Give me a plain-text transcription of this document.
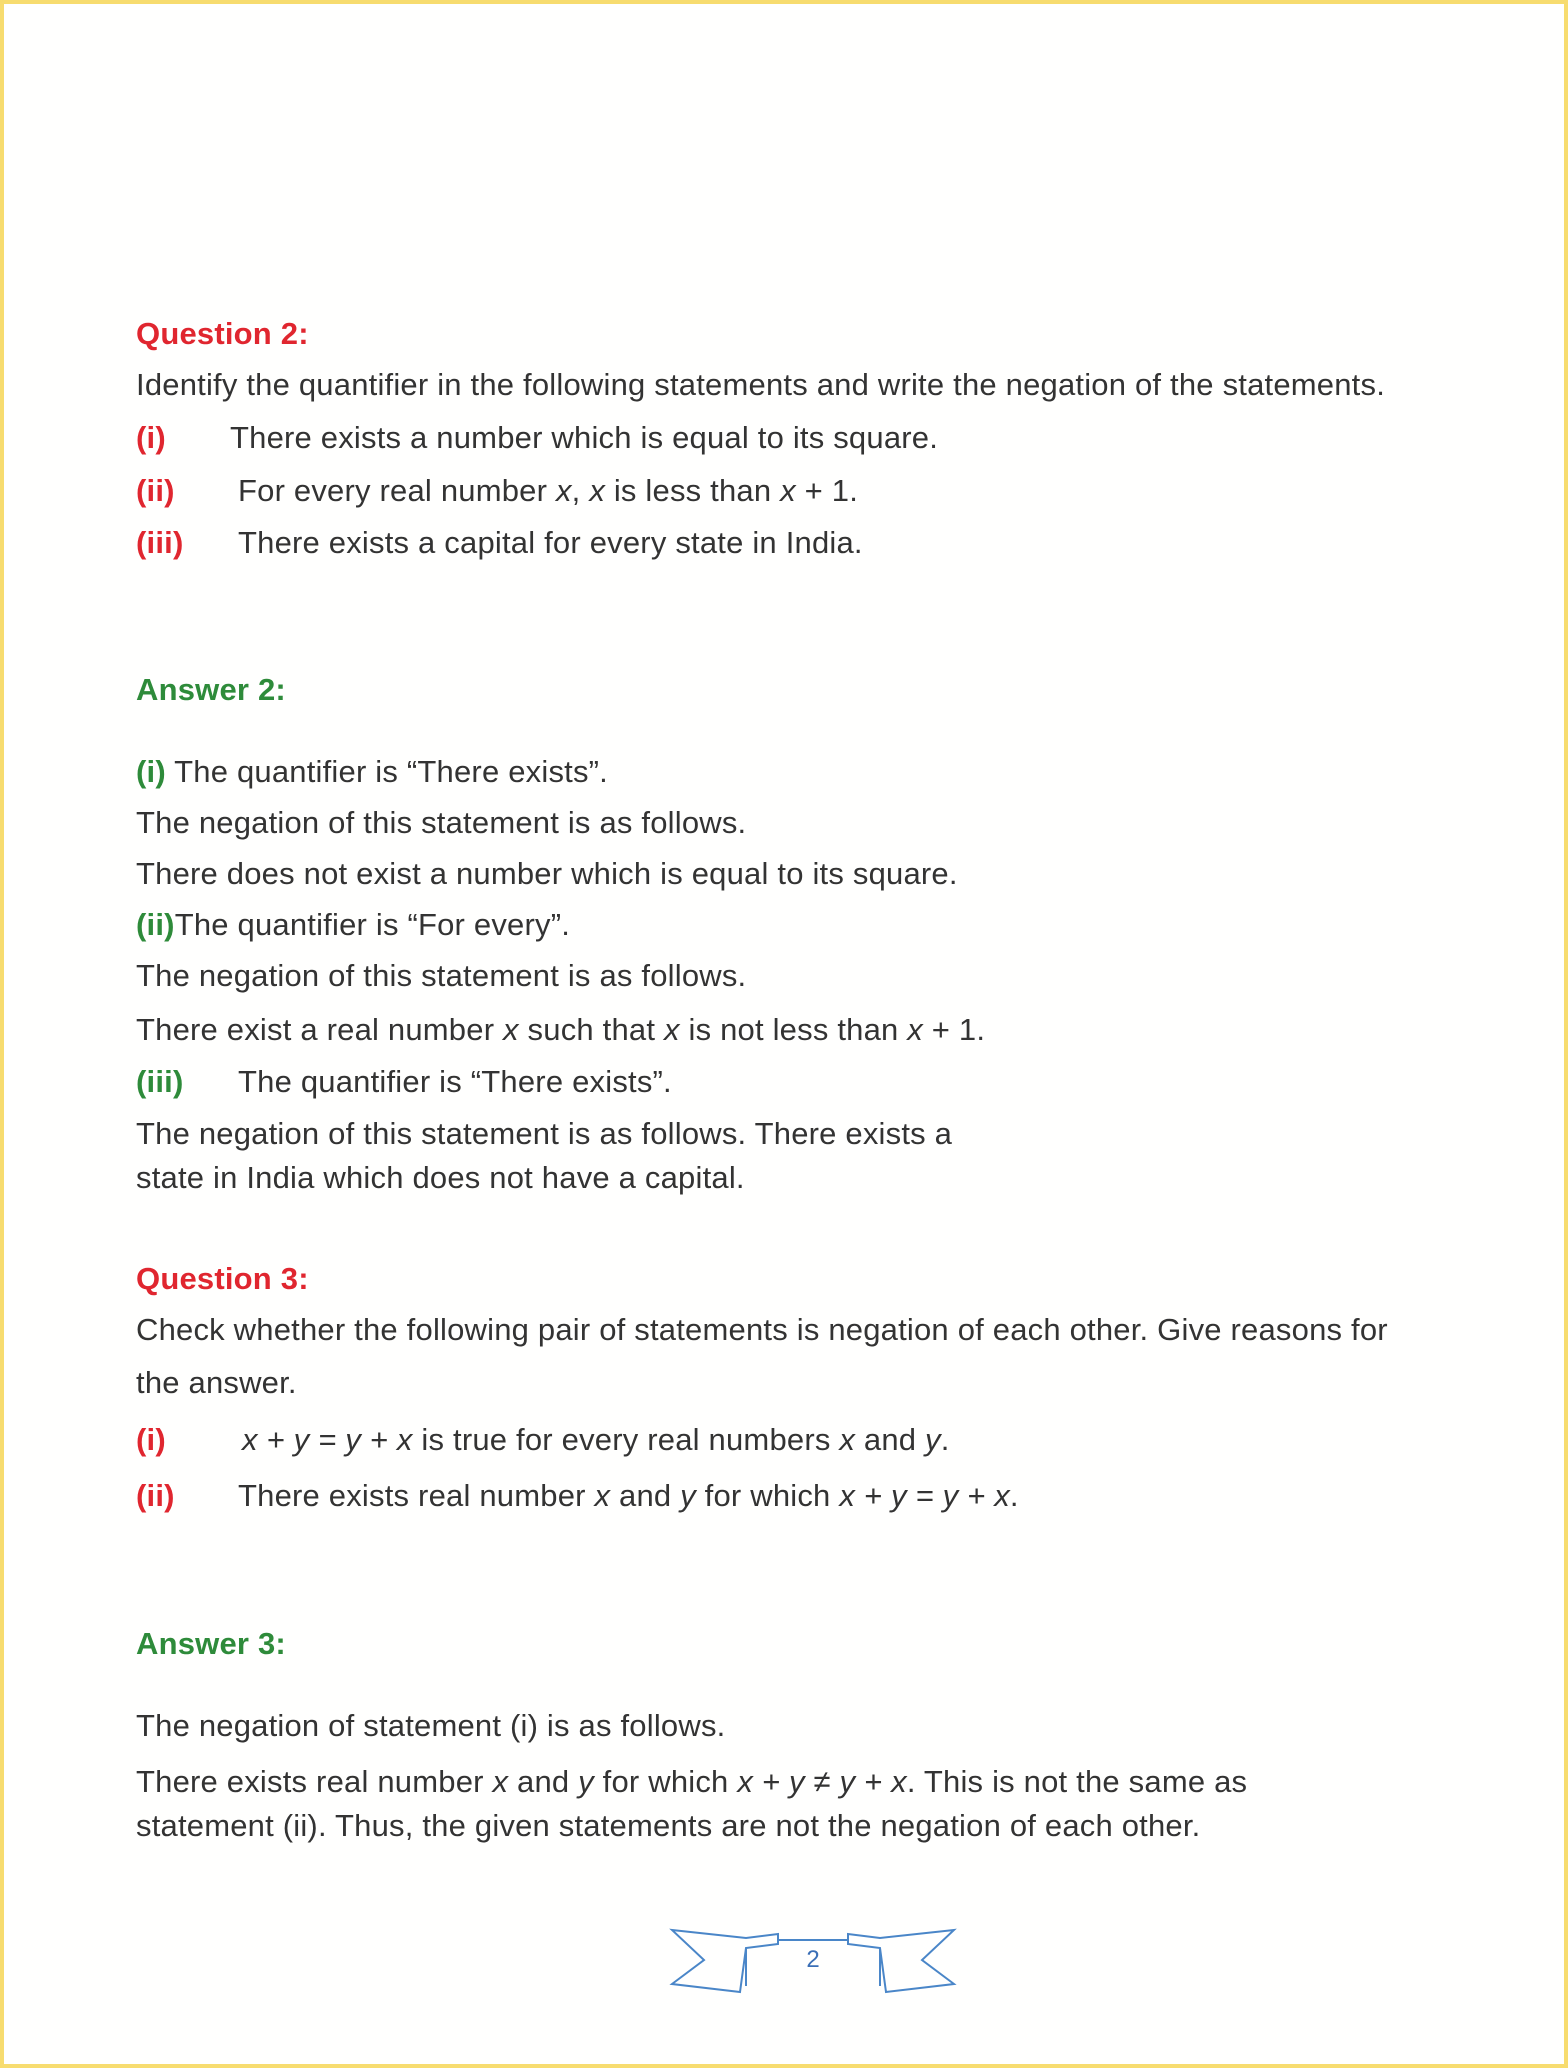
Question 2:
Identify the quantifier in the following statements and write the negation of the statements.
(i) There exists a number which is equal to its square.
(ii) For every real number x, x is less than x + 1.
(iii) There exists a capital for every state in India.
Answer 2:
(i) The quantifier is “There exists”.
The negation of this statement is as follows.
There does not exist a number which is equal to its square.
(ii)The quantifier is “For every”.
The negation of this statement is as follows.
There exist a real number x such that x is not less than x + 1.
(iii) The quantifier is “There exists”.
The negation of this statement is as follows. There exists a
state in India which does not have a capital.
Question 3:
Check whether the following pair of statements is negation of each other. Give reasons for
the answer.
(i) x + y = y + x is true for every real numbers x and y.
(ii) There exists real number x and y for which x + y = y + x.
Answer 3:
The negation of statement (i) is as follows.
There exists real number x and y for which x + y ≠ y + x. This is not the same as
statement (ii). Thus, the given statements are not the negation of each other.
2
